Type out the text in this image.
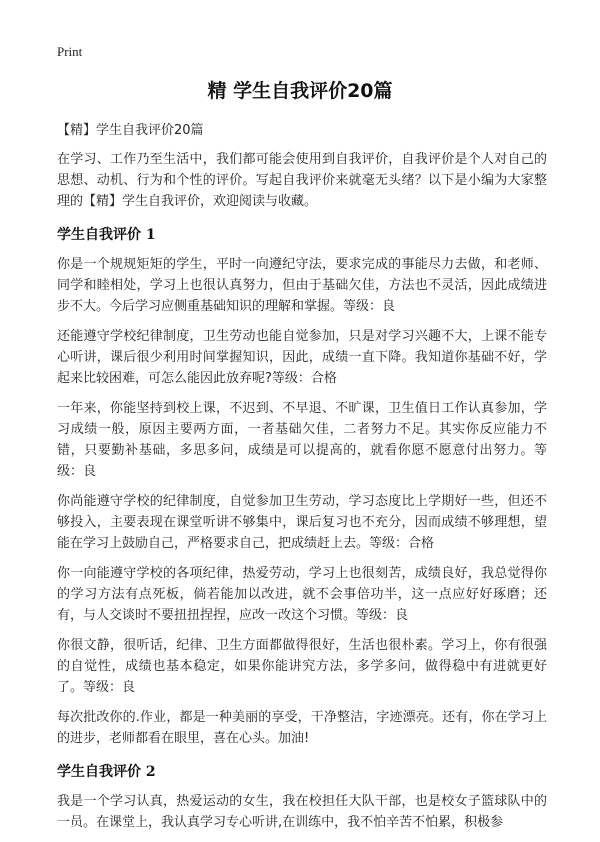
Print
精 学生自我评价20篇
【精】学生自我评价20篇

在学习、工作乃至生活中，我们都可能会使用到自我评价，自我评价是个人对自己的思想、动机、行为和个性的评价。写起自我评价来就毫无头绪？以下是小编为大家整理的【精】学生自我评价，欢迎阅读与收藏。

学生自我评价 1

你是一个规规矩矩的学生，平时一向遵纪守法，要求完成的事能尽力去做，和老师、同学和睦相处，学习上也很认真努力，但由于基础欠佳，方法也不灵活，因此成绩进步不大。今后学习应侧重基础知识的理解和掌握。等级：良

还能遵守学校纪律制度，卫生劳动也能自觉参加，只是对学习兴趣不大，上课不能专心听讲，课后很少利用时间掌握知识，因此，成绩一直下降。我知道你基础不好，学起来比较困难，可怎么能因此放弃呢?等级：合格

一年来，你能坚持到校上课，不迟到、不早退、不旷课，卫生值日工作认真参加，学习成绩一般，原因主要两方面，一者基础欠佳，二者努力不足。其实你反应能力不错，只要勤补基础，多思多问，成绩是可以提高的，就看你愿不愿意付出努力。等级：良

你尚能遵守学校的纪律制度，自觉参加卫生劳动，学习态度比上学期好一些，但还不够投入，主要表现在课堂听讲不够集中，课后复习也不充分，因而成绩不够理想，望能在学习上鼓励自己，严格要求自己，把成绩赶上去。等级：合格

你一向能遵守学校的各项纪律，热爱劳动，学习上也很刻苦，成绩良好，我总觉得你的学习方法有点死板，倘若能加以改进，就不会事倍功半，这一点应好好琢磨；还有，与人交谈时不要扭扭捏捏，应改一改这个习惯。等级：良

你很文静，很听话，纪律、卫生方面都做得很好，生活也很朴素。学习上，你有很强的自觉性，成绩也基本稳定，如果你能讲究方法，多学多问，做得稳中有进就更好了。等级：良

每次批改你的.作业，都是一种美丽的享受，干净整洁，字迹漂亮。还有，你在学习上的进步，老师都看在眼里，喜在心头。加油!

学生自我评价 2

我是一个学习认真，热爱运动的女生，我在校担任大队干部，也是校女子篮球队中的一员。在课堂上，我认真学习专心听讲,在训练中，我不怕辛苦不怕累，积极参
